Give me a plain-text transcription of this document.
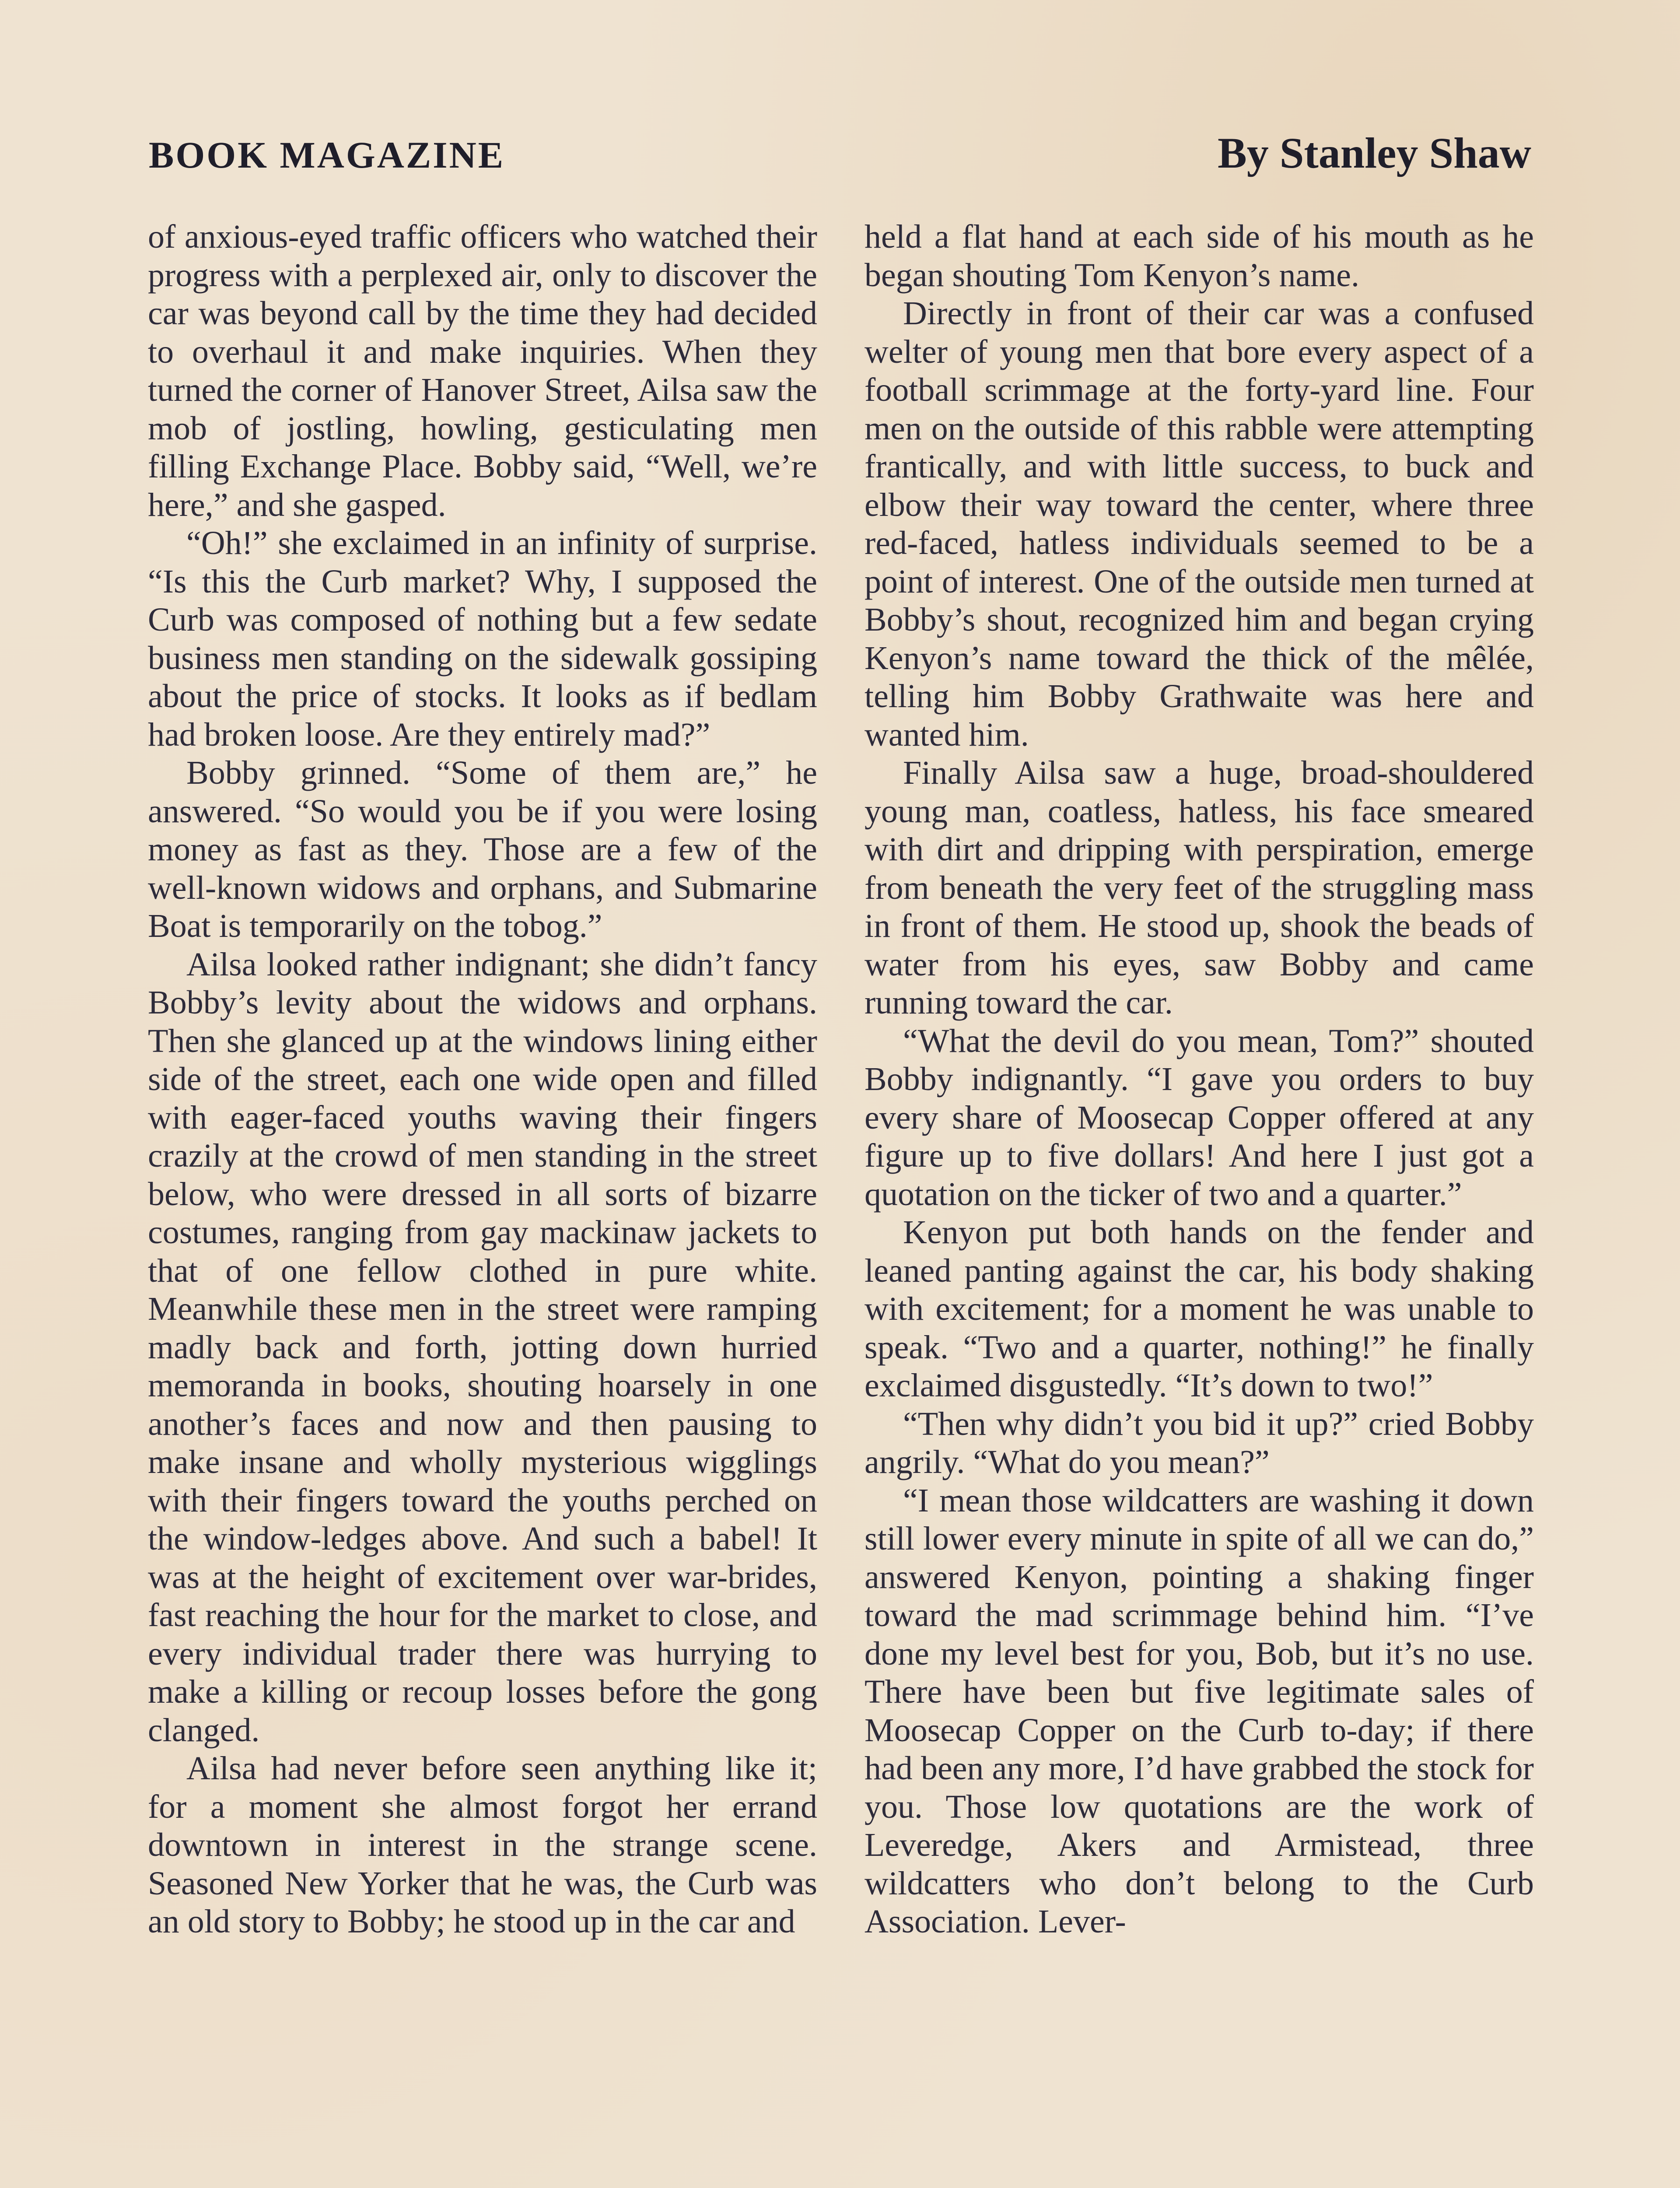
BOOK MAGAZINE	By Stanley Shaw

of anxious-eyed traffic officers who watched their progress with a perplexed air, only to discover the car was beyond call by the time they had decided to overhaul it and make inquiries. When they turned the corner of Hanover Street, Ailsa saw the mob of jostling, howling, gesticulating men filling Exchange Place. Bobby said, “Well, we’re here,” and she gasped.

“Oh!” she exclaimed in an infinity of surprise. “Is this the Curb market? Why, I supposed the Curb was composed of nothing but a few sedate business men standing on the sidewalk gossiping about the price of stocks. It looks as if bedlam had broken loose. Are they entirely mad?”

Bobby grinned. “Some of them are,” he answered. “So would you be if you were losing money as fast as they. Those are a few of the well-known widows and orphans, and Submarine Boat is temporarily on the tobog.”

Ailsa looked rather indignant; she didn’t fancy Bobby’s levity about the widows and orphans. Then she glanced up at the windows lining either side of the street, each one wide open and filled with eager-faced youths waving their fingers crazily at the crowd of men standing in the street below, who were dressed in all sorts of bizarre costumes, ranging from gay mackinaw jackets to that of one fellow clothed in pure white. Meanwhile these men in the street were ramping madly back and forth, jotting down hurried memoranda in books, shouting hoarsely in one another’s faces and now and then pausing to make insane and wholly mysterious wigglings with their fingers toward the youths perched on the window-ledges above. And such a babel! It was at the height of excitement over war-brides, fast reaching the hour for the market to close, and every individual trader there was hurrying to make a killing or recoup losses before the gong clanged.

Ailsa had never before seen anything like it; for a moment she almost forgot her errand downtown in interest in the strange scene. Seasoned New Yorker that he was, the Curb was an old story to Bobby; he stood up in the car and

held a flat hand at each side of his mouth as he began shouting Tom Kenyon’s name.

Directly in front of their car was a confused welter of young men that bore every aspect of a football scrimmage at the forty-yard line. Four men on the outside of this rabble were attempting frantically, and with little success, to buck and elbow their way toward the center, where three red-faced, hatless individuals seemed to be a point of interest. One of the outside men turned at Bobby’s shout, recognized him and began crying Kenyon’s name toward the thick of the mêlée, telling him Bobby Grathwaite was here and wanted him.

Finally Ailsa saw a huge, broad-shouldered young man, coatless, hatless, his face smeared with dirt and dripping with perspiration, emerge from beneath the very feet of the struggling mass in front of them. He stood up, shook the beads of water from his eyes, saw Bobby and came running toward the car.

“What the devil do you mean, Tom?” shouted Bobby indignantly. “I gave you orders to buy every share of Moosecap Copper offered at any figure up to five dollars! And here I just got a quotation on the ticker of two and a quarter.”

Kenyon put both hands on the fender and leaned panting against the car, his body shaking with excitement; for a moment he was unable to speak. “Two and a quarter, nothing!” he finally exclaimed disgustedly. “It’s down to two!”

“Then why didn’t you bid it up?” cried Bobby angrily. “What do you mean?”

“I mean those wildcatters are washing it down still lower every minute in spite of all we can do,” answered Kenyon, pointing a shaking finger toward the mad scrimmage behind him. “I’ve done my level best for you, Bob, but it’s no use. There have been but five legitimate sales of Moosecap Copper on the Curb to-day; if there had been any more, I’d have grabbed the stock for you. Those low quotations are the work of Leveredge, Akers and Armistead, three wildcatters who don’t belong to the Curb Association. Lever-
